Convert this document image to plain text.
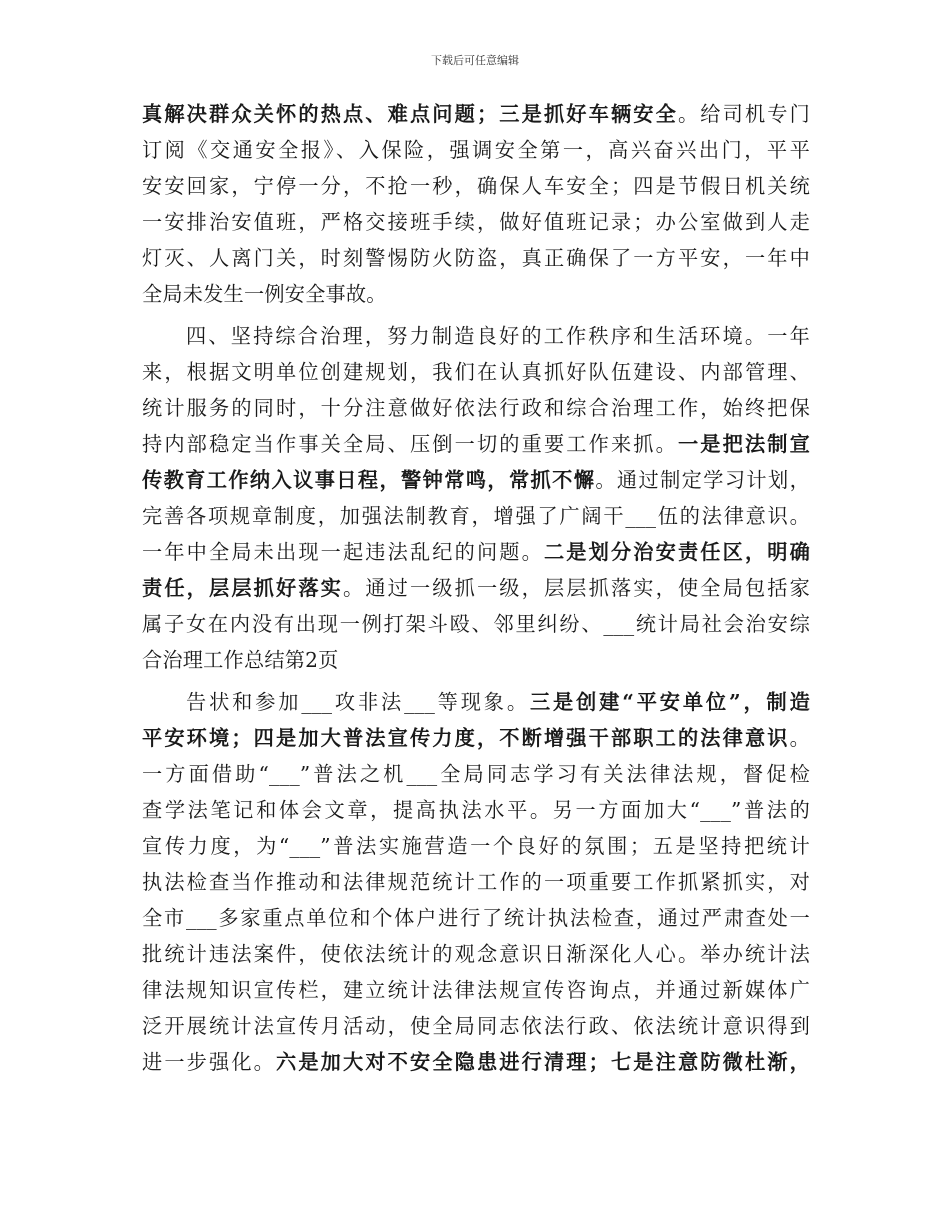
下载后可任意编辑
真解决群众关怀的热点、难点问题；三是抓好车辆安全。给司机专门
订阅《交通安全报》、入保险，强调安全第一，高兴奋兴出门，平平
安安回家，宁停一分，不抢一秒，确保人车安全；四是节假日机关统
一安排治安值班，严格交接班手续，做好值班记录；办公室做到人走
灯灭、人离门关，时刻警惕防火防盗，真正确保了一方平安，一年中
全局未发生一例安全事故。
四、坚持综合治理，努力制造良好的工作秩序和生活环境。一年
来，根据文明单位创建规划，我们在认真抓好队伍建设、内部管理、
统计服务的同时，十分注意做好依法行政和综合治理工作，始终把保
持内部稳定当作事关全局、压倒一切的重要工作来抓。一是把法制宣
传教育工作纳入议事日程，警钟常鸣，常抓不懈。通过制定学习计划，
完善各项规章制度，加强法制教育，增强了广阔干___伍的法律意识。
一年中全局未出现一起违法乱纪的问题。二是划分治安责任区，明确
责任，层层抓好落实。通过一级抓一级，层层抓落实，使全局包括家
属子女在内没有出现一例打架斗殴、邻里纠纷、___统计局社会治安综
合治理工作总结第2页
告状和参加___攻非法___等现象。三是创建“平安单位”，制造
平安环境；四是加大普法宣传力度，不断增强干部职工的法律意识。
一方面借助“___”普法之机___全局同志学习有关法律法规，督促检
查学法笔记和体会文章，提高执法水平。另一方面加大“___”普法的
宣传力度，为“___”普法实施营造一个良好的氛围；五是坚持把统计
执法检查当作推动和法律规范统计工作的一项重要工作抓紧抓实，对
全市___多家重点单位和个体户进行了统计执法检查，通过严肃查处一
批统计违法案件，使依法统计的观念意识日渐深化人心。举办统计法
律法规知识宣传栏，建立统计法律法规宣传咨询点，并通过新媒体广
泛开展统计法宣传月活动，使全局同志依法行政、依法统计意识得到
进一步强化。六是加大对不安全隐患进行清理；七是注意防微杜渐，
